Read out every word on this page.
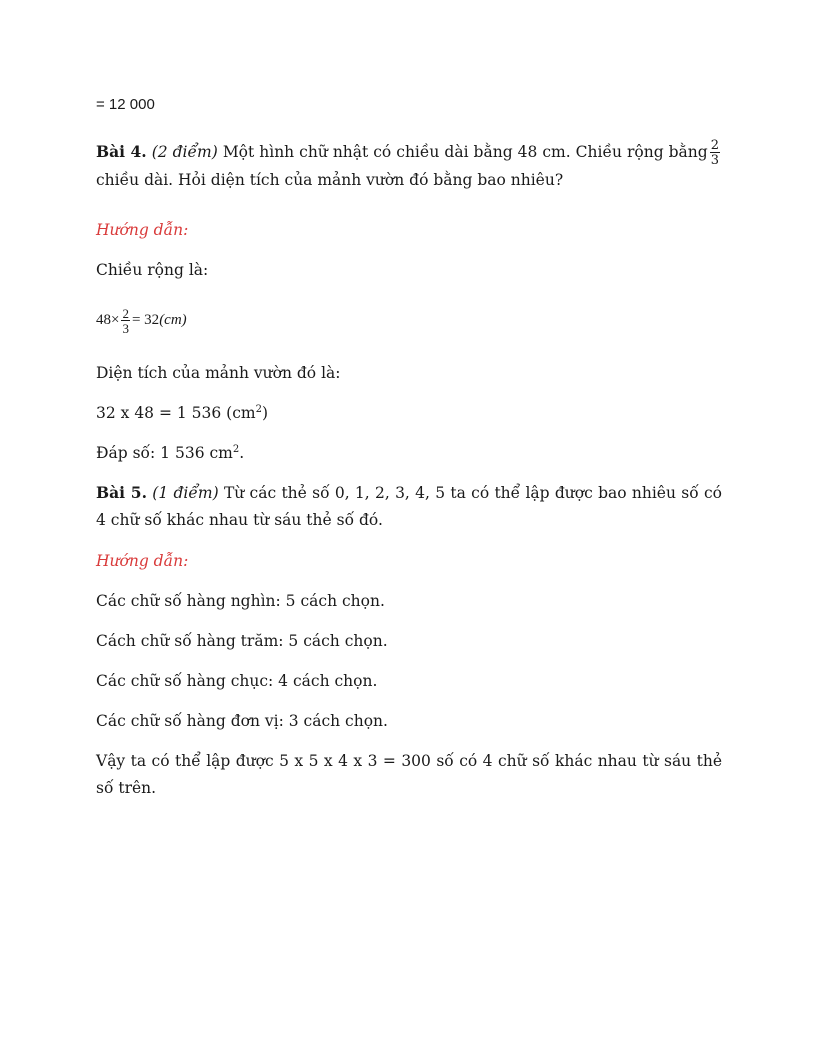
= 12 000
Bài 4. (2 điểm) Một hình chữ nhật có chiều dài bằng 48 cm. Chiều rộng bằng $\frac{2}{3}$
chiều dài. Hỏi diện tích của mảnh vườn đó bằng bao nhiêu?
Hướng dẫn:
Chiều rộng là:
$48\times \frac{2}{3} = 32(cm)$
Diện tích của mảnh vườn đó là:
32 x 48 = 1 536 $(cm^2)$
Đáp số: 1 536 $cm^2$.
Bài 5. (1 điểm) Từ các thẻ số 0, 1, 2, 3, 4, 5 ta có thể lập được bao nhiêu số có 4 chữ số khác nhau từ sáu thẻ số đó.
Hướng dẫn:
Các chữ số hàng nghìn: 5 cách chọn.
Cách chữ số hàng trăm: 5 cách chọn.
Các chữ số hàng chục: 4 cách chọn.
Các chữ số hàng đơn vị: 3 cách chọn.
Vậy ta có thể lập được 5 x 5 x 4 x 3 = 300 số có 4 chữ số khác nhau từ sáu thẻ số trên.
